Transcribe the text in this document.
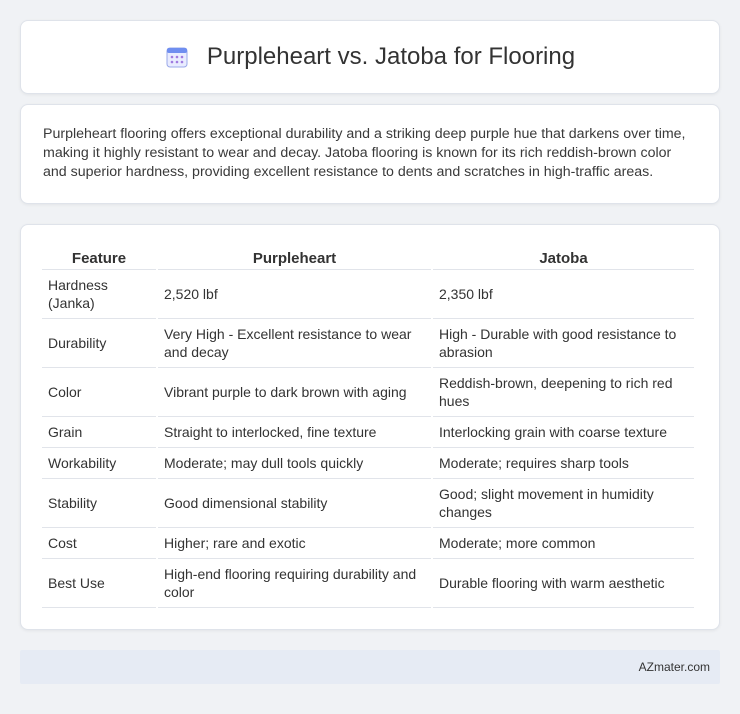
Purpleheart vs. Jatoba for Flooring

Purpleheart flooring offers exceptional durability and a striking deep purple hue that darkens over time, making it highly resistant to wear and decay. Jatoba flooring is known for its rich reddish-brown color and superior hardness, providing excellent resistance to dents and scratches in high-traffic areas.

Feature	Purpleheart	Jatoba
Hardness (Janka)	2,520 lbf	2,350 lbf
Durability	Very High - Excellent resistance to wear and decay	High - Durable with good resistance to abrasion
Color	Vibrant purple to dark brown with aging	Reddish-brown, deepening to rich red hues
Grain	Straight to interlocked, fine texture	Interlocking grain with coarse texture
Workability	Moderate; may dull tools quickly	Moderate; requires sharp tools
Stability	Good dimensional stability	Good; slight movement in humidity changes
Cost	Higher; rare and exotic	Moderate; more common
Best Use	High-end flooring requiring durability and color	Durable flooring with warm aesthetic
AZmater.com
